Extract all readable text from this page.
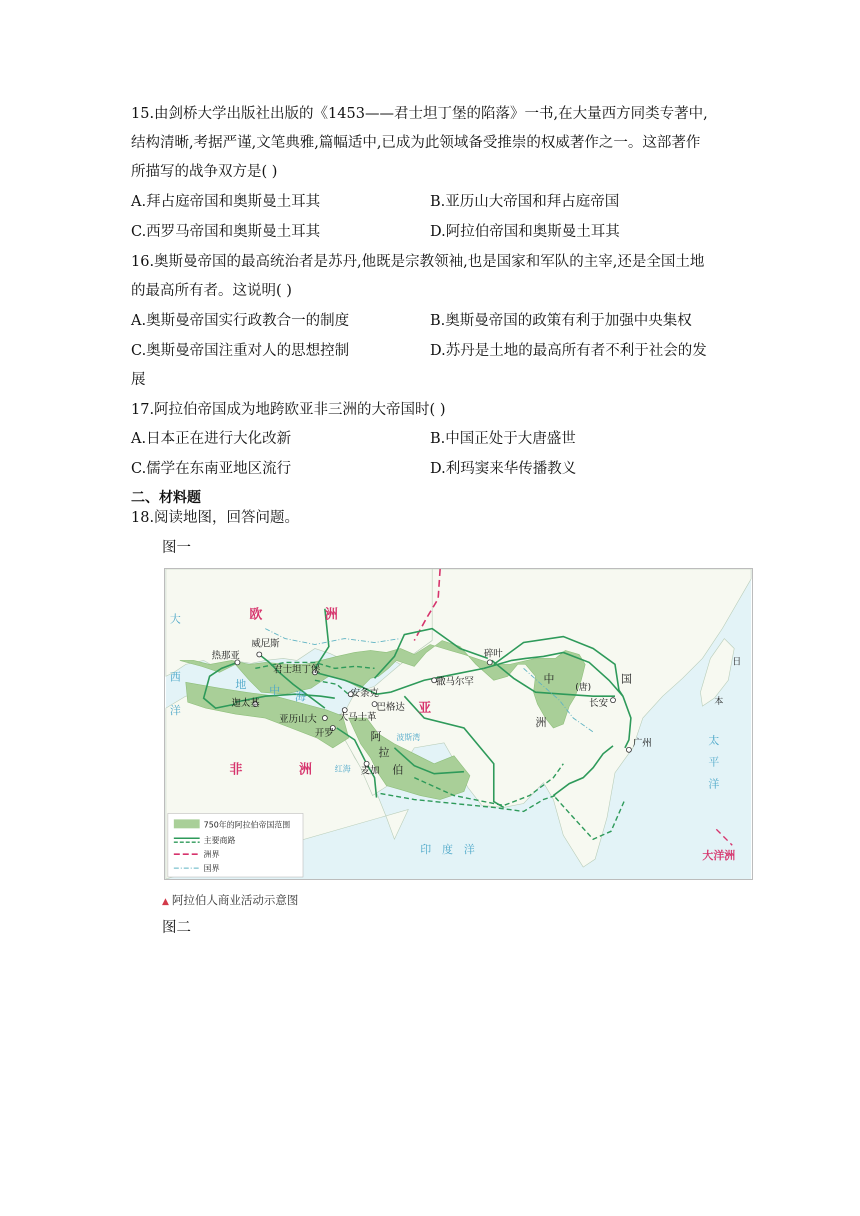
15.由剑桥大学出版社出版的《1453——君士坦丁堡的陷落》一书,在大量西方同类专著中,
结构清晰,考据严谨,文笔典雅,篇幅适中,已成为此领域备受推崇的权威著作之一。这部著作
所描写的战争双方是( )
A.拜占庭帝国和奥斯曼土耳其	B.亚历山大帝国和拜占庭帝国
C.西罗马帝国和奥斯曼土耳其	D.阿拉伯帝国和奥斯曼土耳其
16.奥斯曼帝国的最高统治者是苏丹,他既是宗教领袖,也是国家和军队的主宰,还是全国土地
的最高所有者。这说明( )
A.奥斯曼帝国实行政教合一的制度	B.奥斯曼帝国的政策有利于加强中央集权
C.奥斯曼帝国注重对人的思想控制	D.苏丹是土地的最高所有者不利于社会的发
展
17.阿拉伯帝国成为地跨欧亚非三洲的大帝国时( )
A.日本正在进行大化改新	B.中国正处于大唐盛世
C.儒学在东南亚地区流行	D.利玛窦来华传播教义
二、材料题
18.阅读地图，回答问题。
图一
欧	洲
亚
非	洲
洲
中	国
(唐)
阿
拉
伯
印　度　洋
太
平
洋
大
西
洋
地 中 海
红海
波斯湾
日
本
大洋洲
威尼斯
热那亚
君士坦丁堡
安条克
迦太基
亚历山大 大马士革
巴格达
开罗
麦加
撒马尔罕
碎叶
长安
广州
750年的阿拉伯帝国范围
主要商路
洲界
国界
▲ 阿拉伯人商业活动示意图
图二
